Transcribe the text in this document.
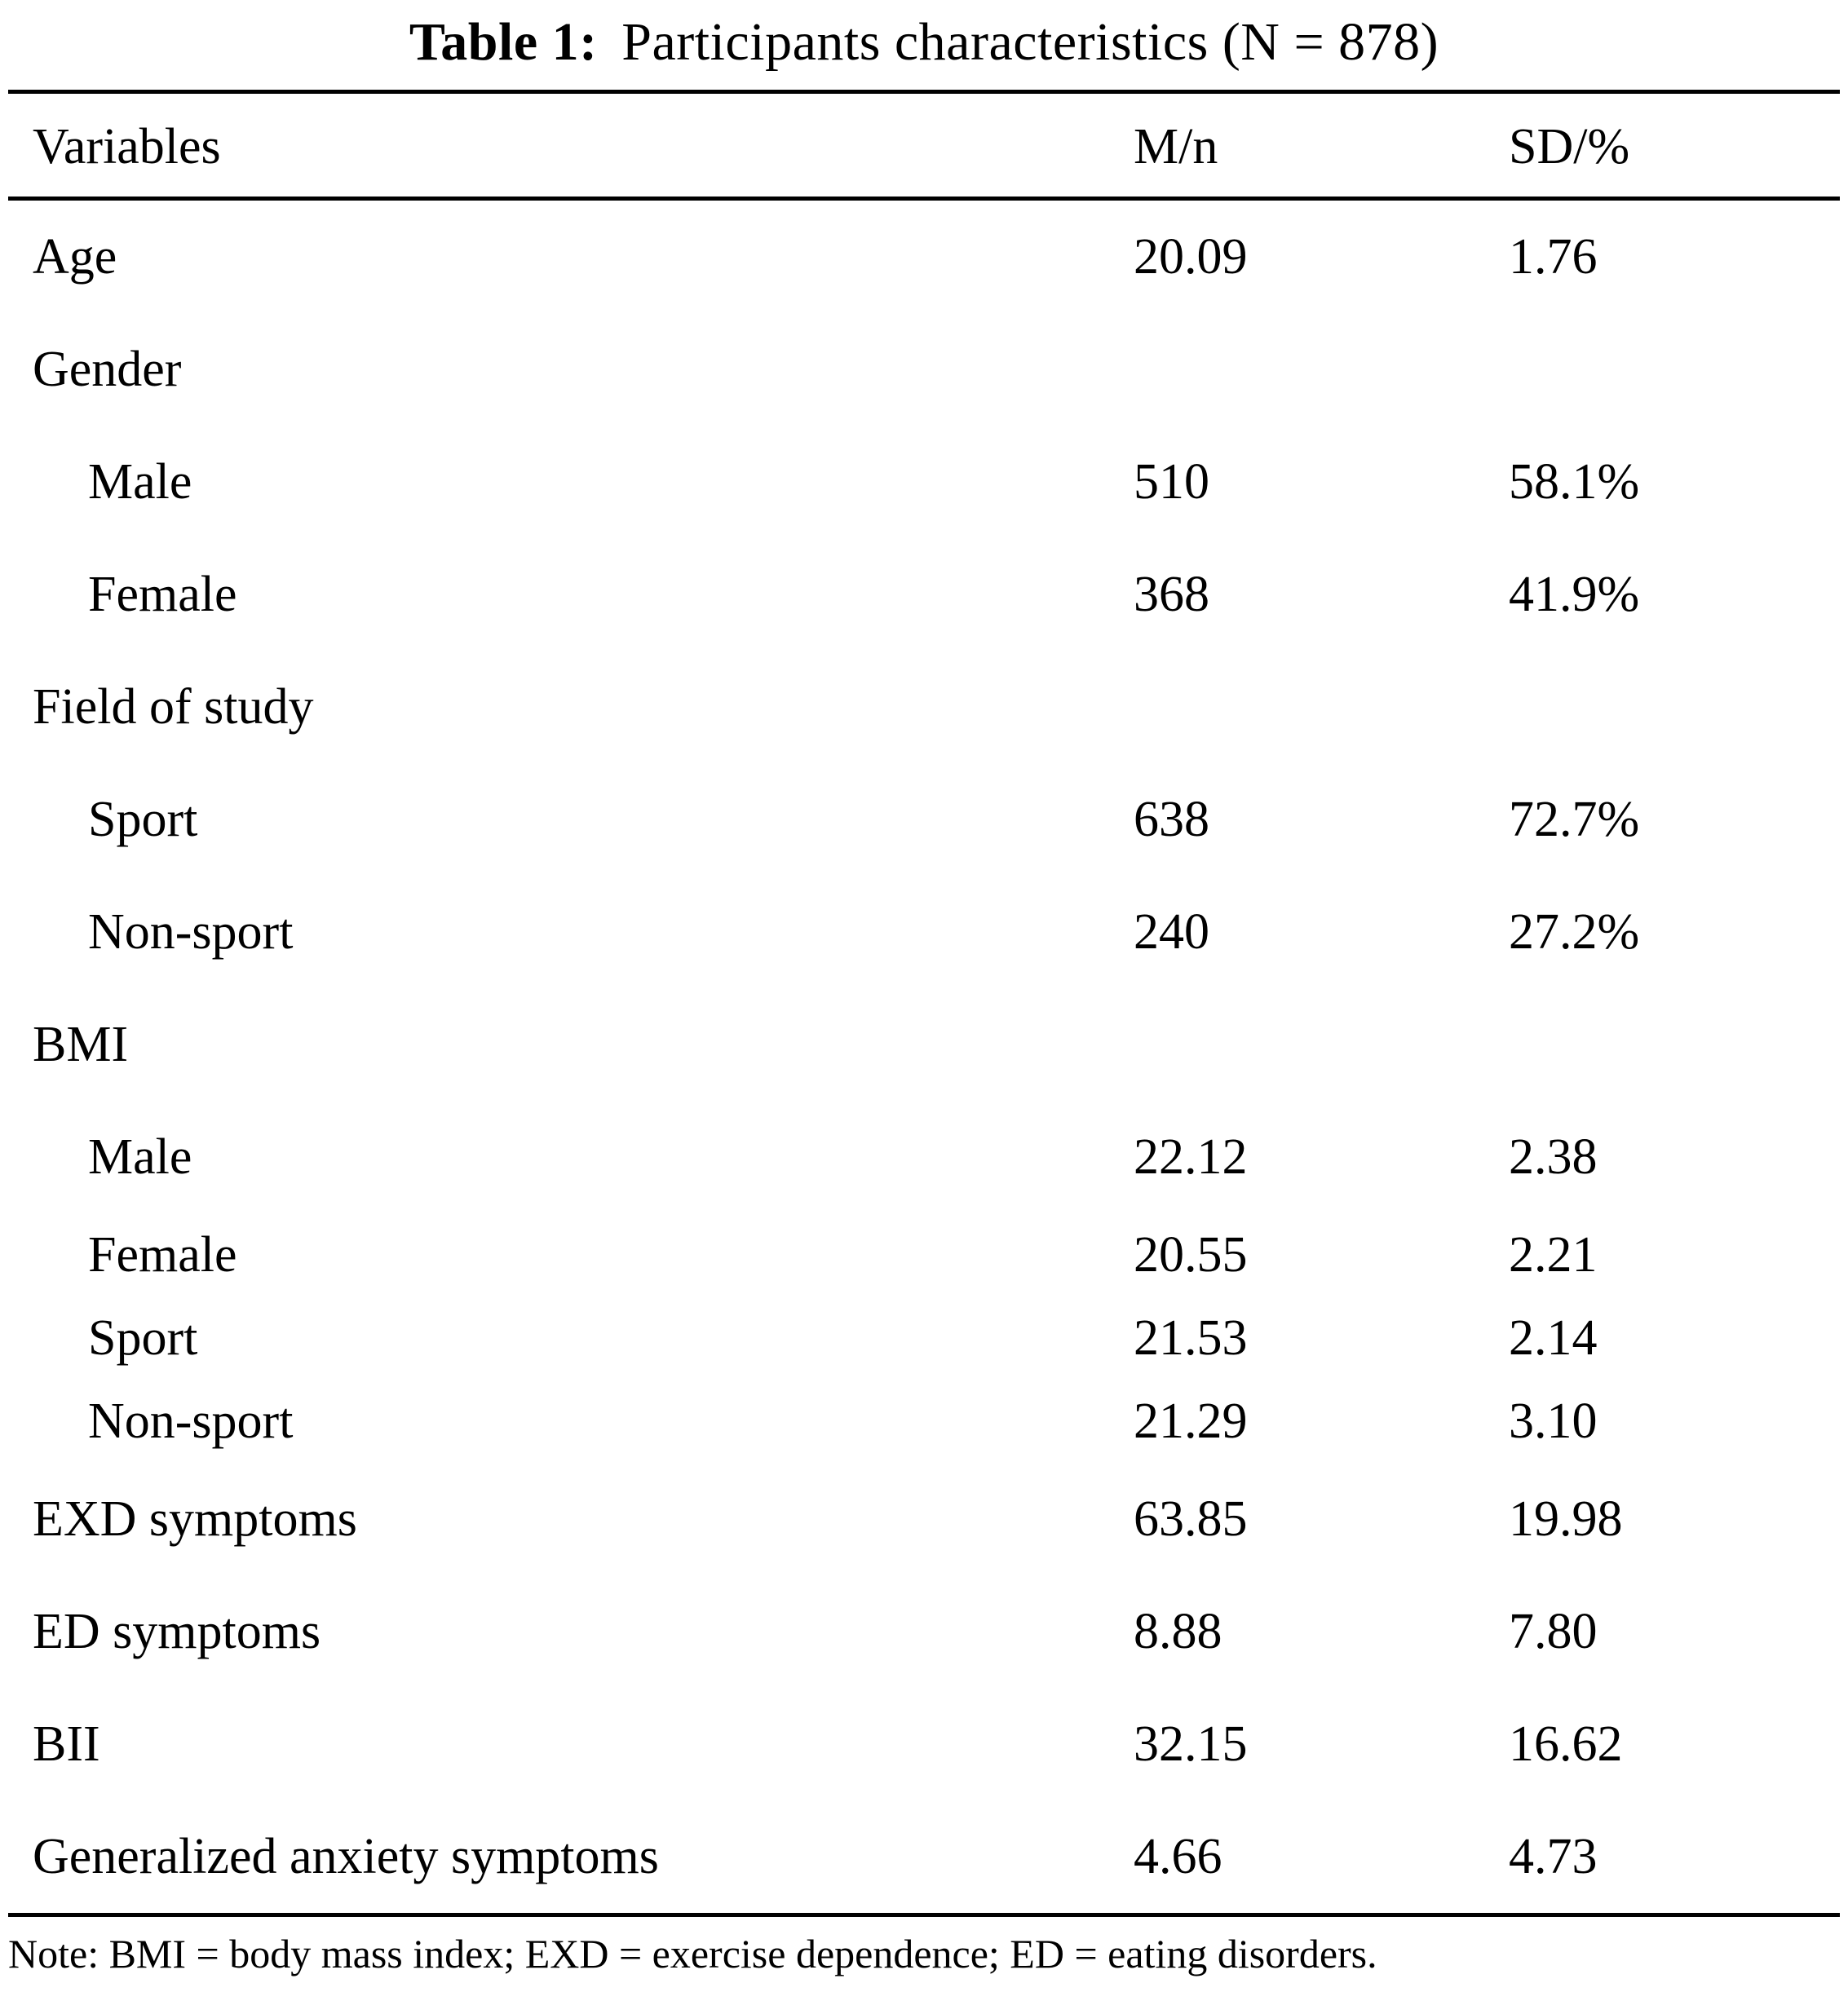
Table 1: Participants characteristics (N = 878)
Variables	M/n	SD/%
Age	20.09	1.76
Gender
Male	510	58.1%
Female	368	41.9%
Field of study
Sport	638	72.7%
Non-sport	240	27.2%
BMI
Male	22.12	2.38
Female	20.55	2.21
Sport	21.53	2.14
Non-sport	21.29	3.10
EXD symptoms	63.85	19.98
ED symptoms	8.88	7.80
BII	32.15	16.62
Generalized anxiety symptoms	4.66	4.73
Note: BMI = body mass index; EXD = exercise dependence; ED = eating disorders.
